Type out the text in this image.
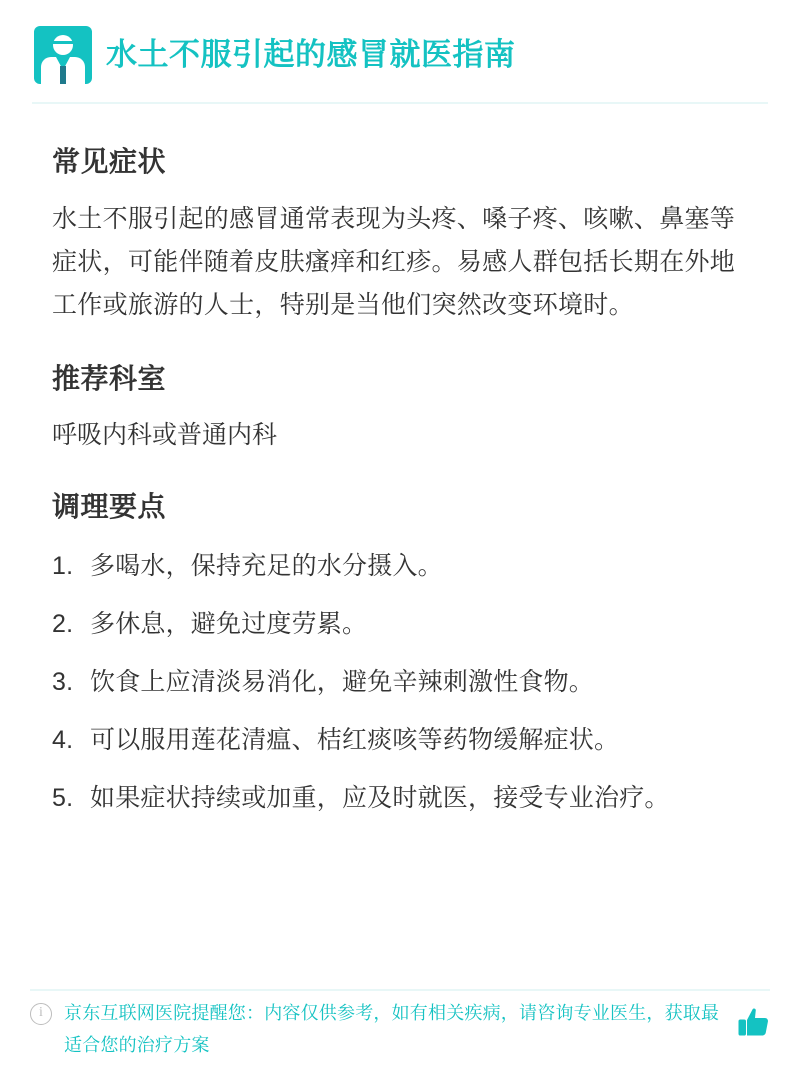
水土不服引起的感冒就医指南
常见症状

水土不服引起的感冒通常表现为头疼、嗓子疼、咳嗽、鼻塞等症状，可能伴随着皮肤瘙痒和红疹。易感人群包括长期在外地工作或旅游的人士，特别是当他们突然改变环境时。

推荐科室

呼吸内科或普通内科

调理要点
多喝水，保持充足的水分摄入。
多休息，避免过度劳累。
饮食上应清淡易消化，避免辛辣刺激性食物。
可以服用莲花清瘟、桔红痰咳等药物缓解症状。
如果症状持续或加重，应及时就医，接受专业治疗。
i	京东互联网医院提醒您：内容仅供参考，如有相关疾病，请咨询专业医生，获取最适合您的治疗方案
